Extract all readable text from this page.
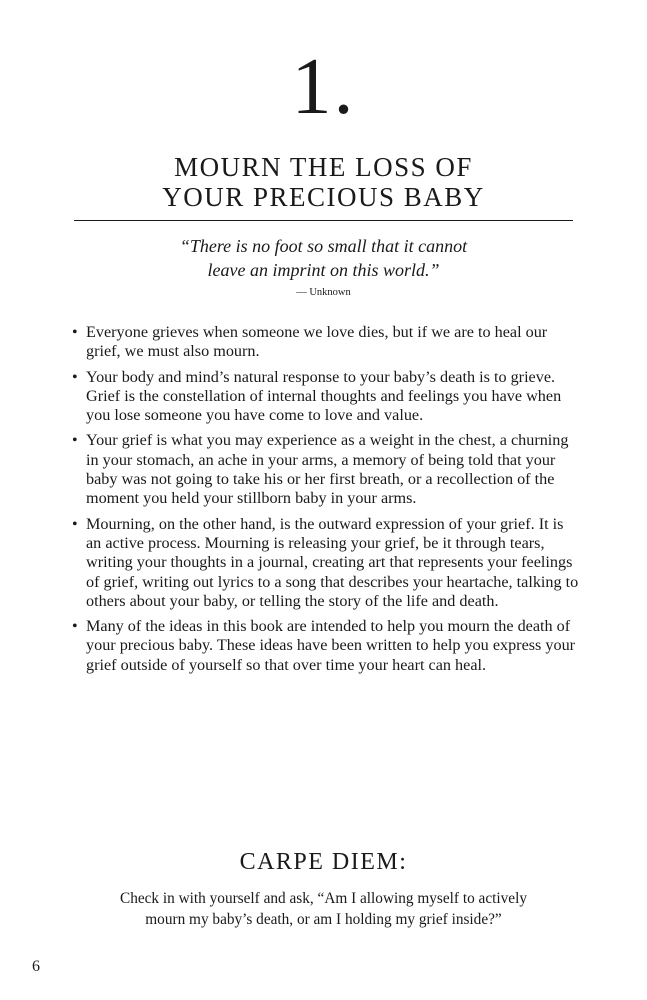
1.
MOURN THE LOSS OF
YOUR PRECIOUS BABY
“There is no foot so small that it cannot
leave an imprint on this world.”
— Unknown
• Everyone grieves when someone we love dies, but if we are to heal our grief, we must also mourn.
• Your body and mind’s natural response to your baby’s death is to grieve. Grief is the constellation of internal thoughts and feelings you have when you lose someone you have come to love and value.
• Your grief is what you may experience as a weight in the chest, a churning in your stomach, an ache in your arms, a memory of being told that your baby was not going to take his or her first breath, or a recollection of the moment you held your stillborn baby in your arms.
• Mourning, on the other hand, is the outward expression of your grief. It is an active process. Mourning is releasing your grief, be it through tears, writing your thoughts in a journal, creating art that represents your feelings of grief, writing out lyrics to a song that describes your heartache, talking to others about your baby, or telling the story of the life and death.
• Many of the ideas in this book are intended to help you mourn the death of your precious baby. These ideas have been written to help you express your grief outside of yourself so that over time your heart can heal.
CARPE DIEM:
Check in with yourself and ask, “Am I allowing myself to actively
mourn my baby’s death, or am I holding my grief inside?”
6
